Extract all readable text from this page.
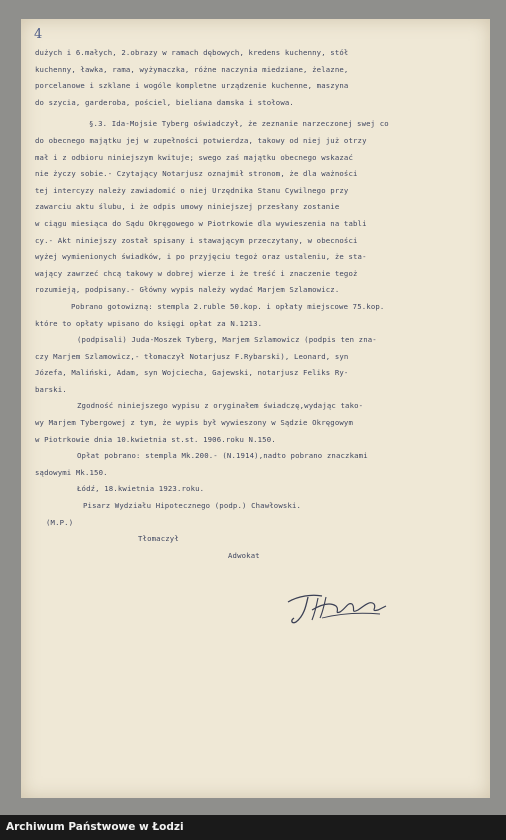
4
dużych i 6.małych, 2.obrazy w ramach dębowych, kredens kuchenny, stół
kuchenny, ławka, rama, wyżymaczka, różne naczynia miedziane, żelazne,
porcelanowe i szklane i wogóle kompletne urządzenie kuchenne, maszyna
do szycia, garderoba, pościel, bieliana damska i stołowa.
§.3. Ida-Mojsie Tyberg oświadczył, że zeznanie narzeczonej swej co
do obecnego majątku jej w zupełności potwierdza, takowy od niej już otrzy
mał i z odbioru niniejszym kwituje; swego zaś majątku obecnego wskazać
nie życzy sobie.- Czytający Notarjusz oznajmił stronom, że dla ważności
tej intercyzy należy zawiadomić o niej Urzędnika Stanu Cywilnego przy
zawarciu aktu ślubu, i że odpis umowy niniejszej przesłany zostanie
w ciągu miesiąca do Sądu Okręgowego w Piotrkowie dla wywieszenia na tabli
cy.- Akt niniejszy został spisany i stawającym przeczytany, w obecności
wyżej wymienionych świadków, i po przyjęciu tegoż oraz ustaleniu, że sta-
wający zawrzeć chcą takowy w dobrej wierze i że treść i znaczenie tegoż
rozumieją, podpisany.- Główny wypis należy wydać Marjem Szlamowicz.
Pobrano gotowizną: stempla 2.ruble 50.kop. i opłaty miejscowe 75.kop.
które to opłaty wpisano do księgi opłat za N.1213.
(podpisali) Juda-Moszek Tyberg, Marjem Szlamowicz (podpis ten zna-
czy Marjem Szlamowicz,- tłomaczył Notarjusz F.Rybarski), Leonard, syn
Józefa, Maliński, Adam, syn Wojciecha, Gajewski, notarjusz Feliks Ry-
barski.
Zgodność niniejszego wypisu z oryginałem świadczę,wydając tako-
wy Marjem Tybergowej z tym, że wypis był wywieszony w Sądzie Okręgowym
w Piotrkowie dnia 10.kwietnia st.st. 1906.roku N.150.
Opłat pobrano: stempla Mk.200.- (N.1914),nadto pobrano znaczkami
sądowymi Mk.150.
Łódź, 18.kwietnia 1923.roku.
Pisarz Wydziału Hipotecznego (podp.) Chawłowski.
(M.P.)
Tłomaczył
Adwokat
Archiwum Państwowe w Łodzi
